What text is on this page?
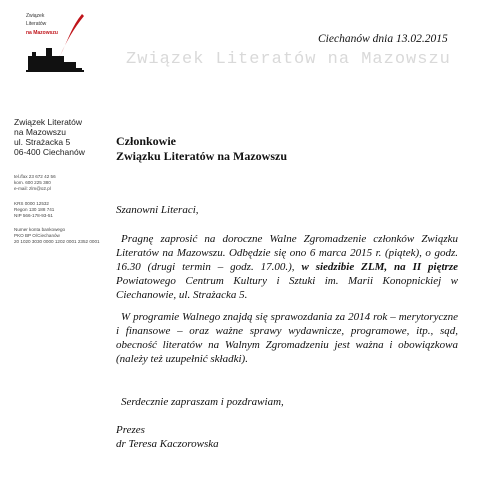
Związek
Literatów
na Mazowszu
Związek Literatów
na Mazowszu
ul. Strażacka 5
06-400 Ciechanów
tel./fax 23 672 42 56
kom. 600 225 380
e-mail: zlm@o2.pl
KRS 0000 12532
Regon 130 188 741
NIP 566-178-93-51
Numer konta bankowego
PKO BP O/Ciechanów
20 1020 3030 0000 1202 0001 2352 0001
Związek Literatów na Mazowszu
Ciechanów dnia 13.02.2015
Członkowie
Związku Literatów na Mazowszu
Szanowni Literaci,
Pragnę zaprosić na doroczne Walne Zgromadzenie członków Związku Literatów na Mazowszu. Odbędzie się ono 6 marca 2015 r. (piątek), o godz. 16.30 (drugi termin – godz. 17.00.), w siedzibie ZLM, na II piętrze Powiatowego Centrum Kultury i Sztuki im. Marii Konopnickiej w Ciechanowie, ul. Strażacka 5.
W programie Walnego znajdą się sprawozdania za 2014 rok – merytoryczne i finansowe – oraz ważne sprawy wydawnicze, programowe, itp., sąd, obecność literatów na Walnym Zgromadzeniu jest ważna i obowiązkowa (należy też uzupełnić składki).
Serdecznie zapraszam i pozdrawiam,
Prezes
dr Teresa Kaczorowska
